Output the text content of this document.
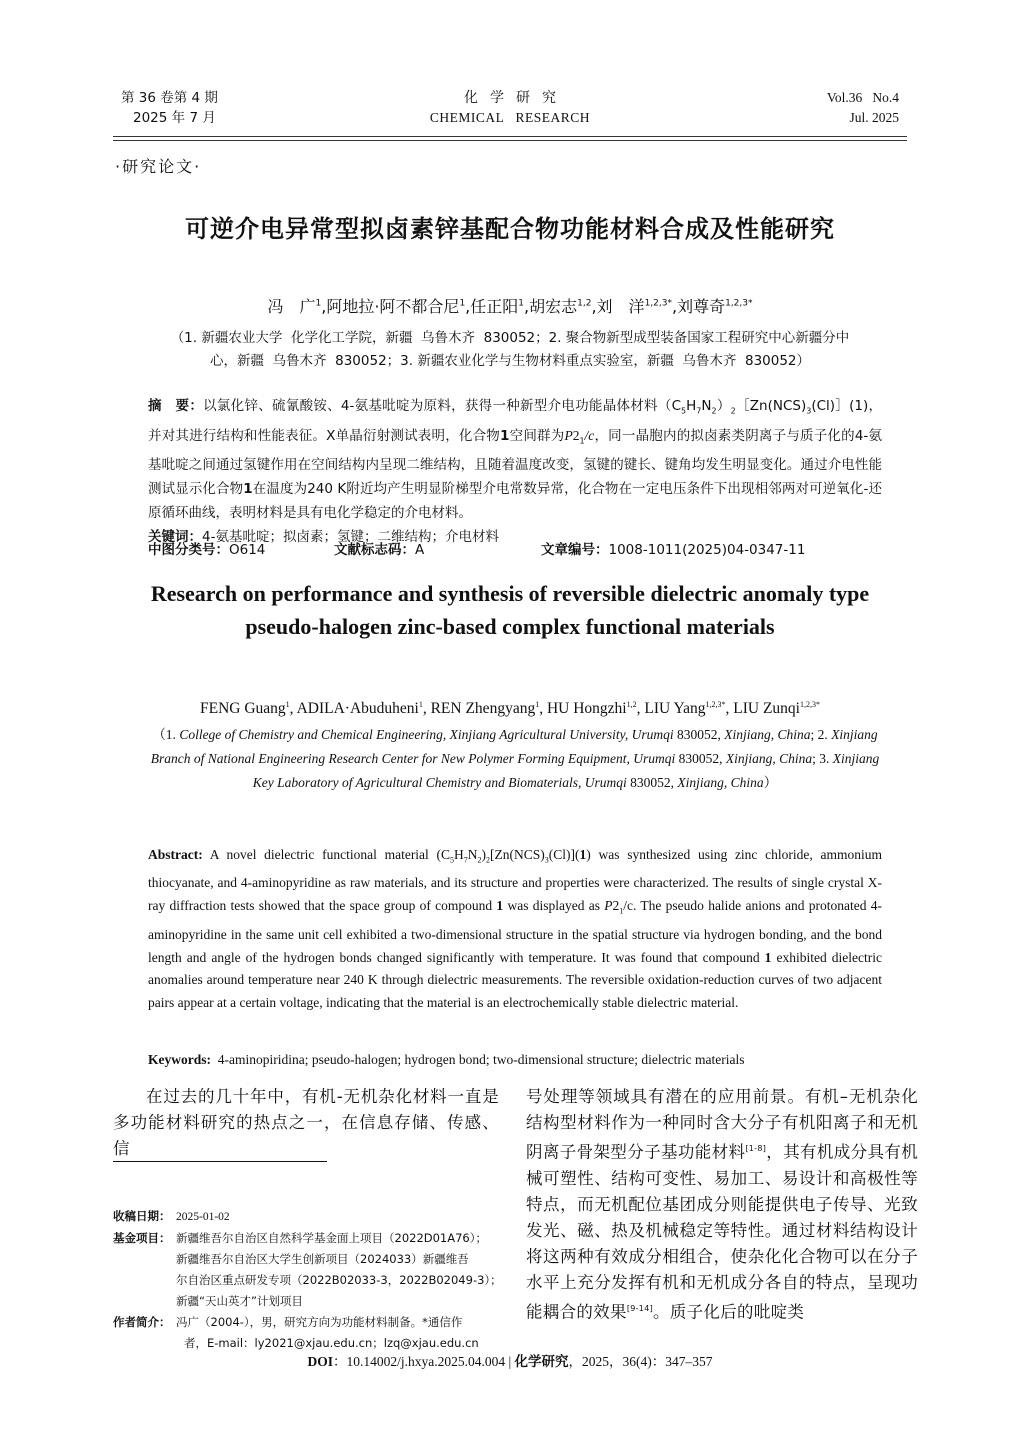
第 36 卷第 4 期
2025 年 7 月
化学研究
CHEMICAL   RESEARCH
Vol.36   No.4
Jul. 2025
·研究论文·
可逆介电异常型拟卤素锌基配合物功能材料合成及性能研究
冯　广$^1$,阿地拉·阿不都合尼$^1$,任正阳$^1$,胡宏志$^{1,2}$,刘　洋$^{1,2,3*}$,刘尊奇$^{1,2,3*}$
（1. 新疆农业大学  化学化工学院，新疆  乌鲁木齐  830052；2. 聚合物新型成型装备国家工程研究中心新疆分中
心，新疆  乌鲁木齐  830052；3. 新疆农业化学与生物材料重点实验室，新疆  乌鲁木齐  830052）
摘　要：以氯化锌、硫氰酸铵、4-氨基吡啶为原料，获得一种新型介电功能晶体材料$(C_5H_7N_2)_2[Zn(NCS)_3(Cl)](1)$，并对其进行结构和性能表征。X单晶衍射测试表明，化合物1空间群为$P2_1/c$，同一晶胞内的拟卤素类阴离子与质子化的4-氨基吡啶之间通过氢键作用在空间结构内呈现二维结构，且随着温度改变，氢键的键长、键角均发生明显变化。通过介电性能测试显示化合物1在温度为240 K附近均产生明显阶梯型介电常数异常，化合物在一定电压条件下出现相邻两对可逆氧化-还原循环曲线，表明材料是具有电化学稳定的介电材料。
关键词：4-氨基吡啶；拟卤素；氢键；二维结构；介电材料
中图分类号：O614	文献标志码：A	文章编号：1008-1011(2025)04-0347-11
Research on performance and synthesis of reversible dielectric anomaly type pseudo-halogen zinc-based complex functional materials
FENG Guang$^1$, ADILA·Abuduheni$^1$, REN Zhengyang$^1$, HU Hongzhi$^{1,2}$, LIU Yang$^{1,2,3*}$, LIU Zunqi$^{1,2,3*}$
（1. College of Chemistry and Chemical Engineering, Xinjiang Agricultural University, Urumqi 830052, Xinjiang, China; 2. Xinjiang Branch of National Engineering Research Center for New Polymer Forming Equipment, Urumqi 830052, Xinjiang, China; 3. Xinjiang Key Laboratory of Agricultural Chemistry and Biomaterials, Urumqi 830052, Xinjiang, China）
Abstract: A novel dielectric functional material $(C_5H_7N_2)_2[Zn(NCS)_3(Cl)](1)$ was synthesized using zinc chloride, ammonium thiocyanate, and 4-aminopyridine as raw materials, and its structure and properties were characterized. The results of single crystal X-ray diffraction tests showed that the space group of compound 1 was displayed as $P2_1/c$. The pseudo halide anions and protonated 4-aminopyridine in the same unit cell exhibited a two-dimensional structure in the spatial structure via hydrogen bonding, and the bond length and angle of the hydrogen bonds changed significantly with temperature. It was found that compound 1 exhibited dielectric anomalies around temperature near 240 K through dielectric measurements. The reversible oxidation-reduction curves of two adjacent pairs appear at a certain voltage, indicating that the material is an electrochemically stable dielectric material.
Keywords: 4-aminopiridina; pseudo-halogen; hydrogen bond; two-dimensional structure; dielectric materials

在过去的几十年中，有机-无机杂化材料一直是多功能材料研究的热点之一，在信息存储、传感、信

号处理等领域具有潜在的应用前景。有机–无机杂化结构型材料作为一种同时含大分子有机阳离子和无机阴离子骨架型分子基功能材料[1-8]，其有机成分具有机械可塑性、结构可变性、易加工、易设计和高极性等特点，而无机配位基团成分则能提供电子传导、光致发光、磁、热及机械稳定等特性。通过材料结构设计将这两种有效成分相组合，使杂化化合物可以在分子水平上充分发挥有机和无机成分各自的特点，呈现功能耦合的效果[9-14]。质子化后的吡啶类

收稿日期： 2025-01-02
基金项目： 新疆维吾尔自治区自然科学基金面上项目（2022D01A76）；
新疆维吾尔自治区大学生创新项目（2024033）新疆维吾
尔自治区重点研发专项（2022B02033-3，2022B02049-3）；
新疆“天山英才”计划项目
作者简介： 冯广（2004-），男，研究方向为功能材料制备。*通信作
者，E-mail：ly2021@xjau.edu.cn；lzq@xjau.edu.cn
DOI：10.14002/j.hxya.2025.04.004 | 化学研究，2025，36(4)：347–357
